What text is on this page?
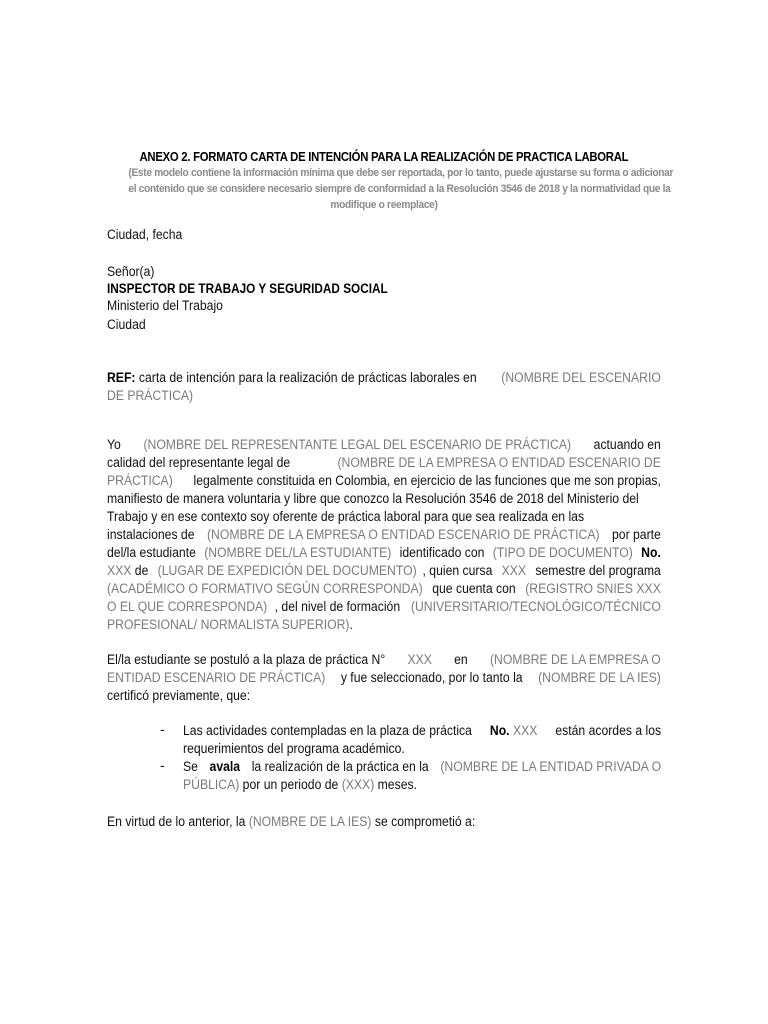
ANEXO 2. FORMATO CARTA DE INTENCIÓN PARA LA REALIZACIÓN DE PRACTICA LABORAL
(Este modelo contiene la información mínima que debe ser reportada, por lo tanto, puede ajustarse su forma o adicionar
el contenido que se considere necesario siempre de conformidad a la Resolución 3546 de 2018 y la normatividad que la
modifique o reemplace)
Ciudad, fecha
Señor(a)
INSPECTOR DE TRABAJO Y SEGURIDAD SOCIAL
Ministerio del Trabajo
Ciudad
REF: carta de intención para la realización de prácticas laborales en (NOMBRE DEL ESCENARIO
DE PRÁCTICA)
Yo (NOMBRE DEL REPRESENTANTE LEGAL DEL ESCENARIO DE PRÁCTICA) actuando en
calidad del representante legal de	(NOMBRE DE LA EMPRESA O ENTIDAD ESCENARIO DE
PRÁCTICA) legalmente constituida en Colombia, en ejercicio de las funciones que me son propias,
manifiesto de manera voluntaria y libre que conozco la Resolución 3546 de 2018 del Ministerio del
Trabajo y en ese contexto soy oferente de práctica laboral para que sea realizada en las
instalaciones de (NOMBRE DE LA EMPRESA O ENTIDAD ESCENARIO DE PRÁCTICA) por parte
del/la estudiante (NOMBRE DEL/LA ESTUDIANTE) identificado con (TIPO DE DOCUMENTO) No.
XXX de (LUGAR DE EXPEDICIÓN DEL DOCUMENTO) , quien cursa XXX semestre del programa
(ACADÉMICO O FORMATIVO SEGÚN CORRESPONDA) que cuenta con (REGISTRO SNIES XXX
O EL QUE CORRESPONDA) , del nivel de formación (UNIVERSITARIO/TECNOLÓGICO/TÉCNICO
PROFESIONAL/ NORMALISTA SUPERIOR).
El/la estudiante se postuló a la plaza de práctica N° XXX en (NOMBRE DE LA EMPRESA O
ENTIDAD ESCENARIO DE PRÁCTICA) y fue seleccionado, por lo tanto la (NOMBRE DE LA IES)
certificó previamente, que:
- Las actividades contempladas en la plaza de práctica No. XXX están acordes a los
requerimientos del programa académico.
- Se avala la realización de la práctica en la (NOMBRE DE LA ENTIDAD PRIVADA O
PÚBLICA) por un periodo de (XXX) meses.
En virtud de lo anterior, la (NOMBRE DE LA IES) se comprometió a:
